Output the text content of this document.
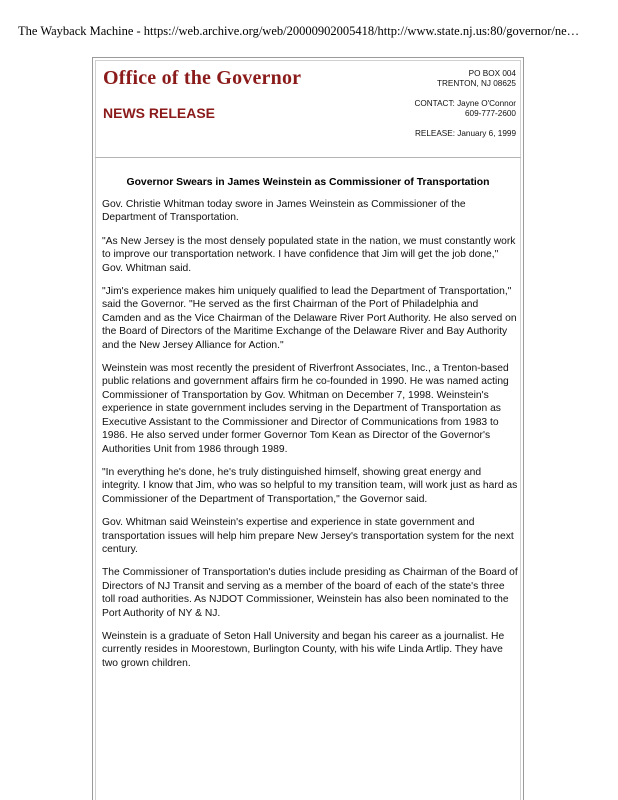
The Wayback Machine - https://web.archive.org/web/20000902005418/http://www.state.nj.us:80/governor/ne…
Office of the Governor
NEWS RELEASE
PO BOX 004
TRENTON, NJ 08625
CONTACT: Jayne O'Connor
609-777-2600
RELEASE: January 6, 1999
Governor Swears in James Weinstein as Commissioner of Transportation

Gov. Christie Whitman today swore in James Weinstein as Commissioner of the Department of Transportation.

"As New Jersey is the most densely populated state in the nation, we must constantly work to improve our transportation network. I have confidence that Jim will get the job done," Gov. Whitman said.

"Jim's experience makes him uniquely qualified to lead the Department of Transportation," said the Governor. "He served as the first Chairman of the Port of Philadelphia and Camden and as the Vice Chairman of the Delaware River Port Authority. He also served on the Board of Directors of the Maritime Exchange of the Delaware River and Bay Authority and the New Jersey Alliance for Action."

Weinstein was most recently the president of Riverfront Associates, Inc., a Trenton-based public relations and government affairs firm he co-founded in 1990. He was named acting Commissioner of Transportation by Gov. Whitman on December 7, 1998. Weinstein's experience in state government includes serving in the Department of Transportation as Executive Assistant to the Commissioner and Director of Communications from 1983 to 1986. He also served under former Governor Tom Kean as Director of the Governor's Authorities Unit from 1986 through 1989.

"In everything he's done, he's truly distinguished himself, showing great energy and integrity. I know that Jim, who was so helpful to my transition team, will work just as hard as Commissioner of the Department of Transportation," the Governor said.

Gov. Whitman said Weinstein's expertise and experience in state government and transportation issues will help him prepare New Jersey's transportation system for the next century.

The Commissioner of Transportation's duties include presiding as Chairman of the Board of Directors of NJ Transit and serving as a member of the board of each of the state's three toll road authorities. As NJDOT Commissioner, Weinstein has also been nominated to the Port Authority of NY & NJ.

Weinstein is a graduate of Seton Hall University and began his career as a journalist. He currently resides in Moorestown, Burlington County, with his wife Linda Artlip. They have two grown children.
